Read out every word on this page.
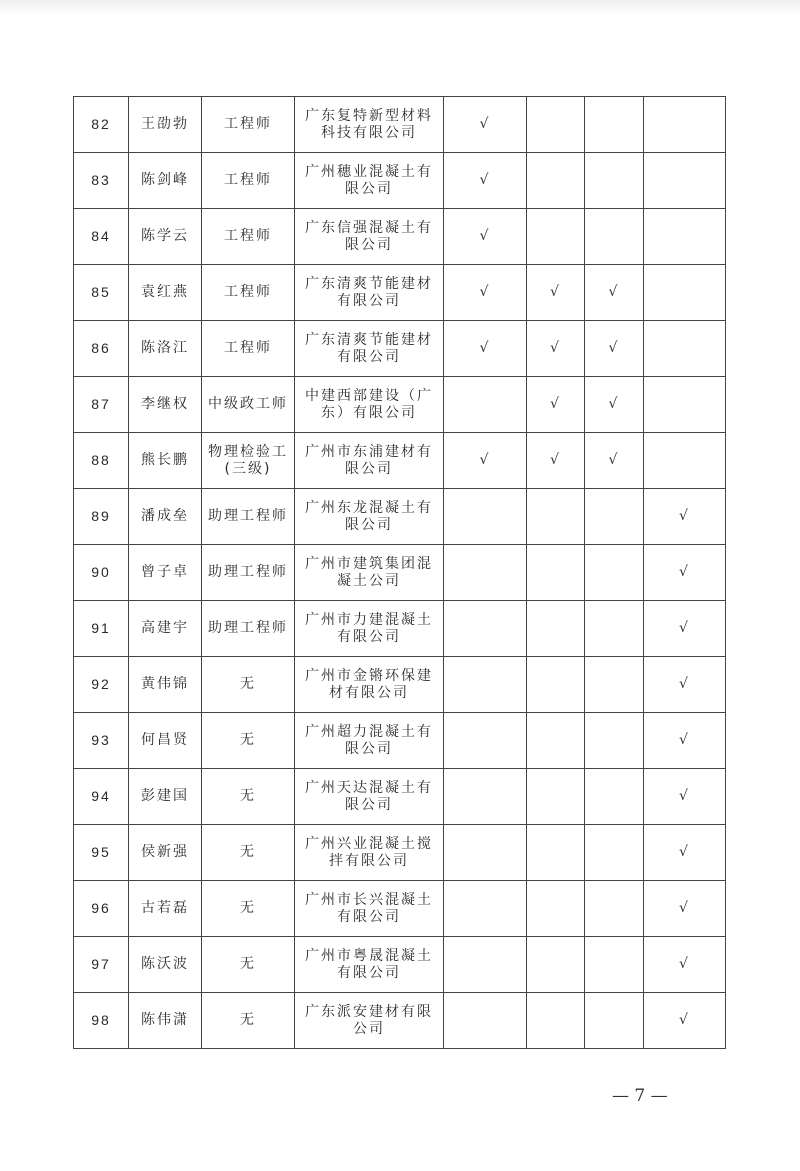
82	王劭勃	工程师	广东复特新型材料科技有限公司	√			
83	陈剑峰	工程师	广州穗业混凝土有限公司	√			
84	陈学云	工程师	广东信强混凝土有限公司	√			
85	袁红燕	工程师	广东清爽节能建材有限公司	√	√	√	
86	陈洛江	工程师	广东清爽节能建材有限公司	√	√	√	
87	李继权	中级政工师	中建西部建设（广东）有限公司		√	√	
88	熊长鹏	物理检验工(三级)	广州市东浦建材有限公司	√	√	√	
89	潘成垒	助理工程师	广州东龙混凝土有限公司				√
90	曾子卓	助理工程师	广州市建筑集团混凝土公司				√
91	高建宇	助理工程师	广州市力建混凝土有限公司				√
92	黄伟锦	无	广州市金锵环保建材有限公司				√
93	何昌贤	无	广州超力混凝土有限公司				√
94	彭建国	无	广州天达混凝土有限公司				√
95	侯新强	无	广州兴业混凝土搅拌有限公司				√
96	古若磊	无	广州市长兴混凝土有限公司				√
97	陈沃波	无	广州市粤晟混凝土有限公司				√
98	陈伟潇	无	广东派安建材有限公司				√
— 7 —
